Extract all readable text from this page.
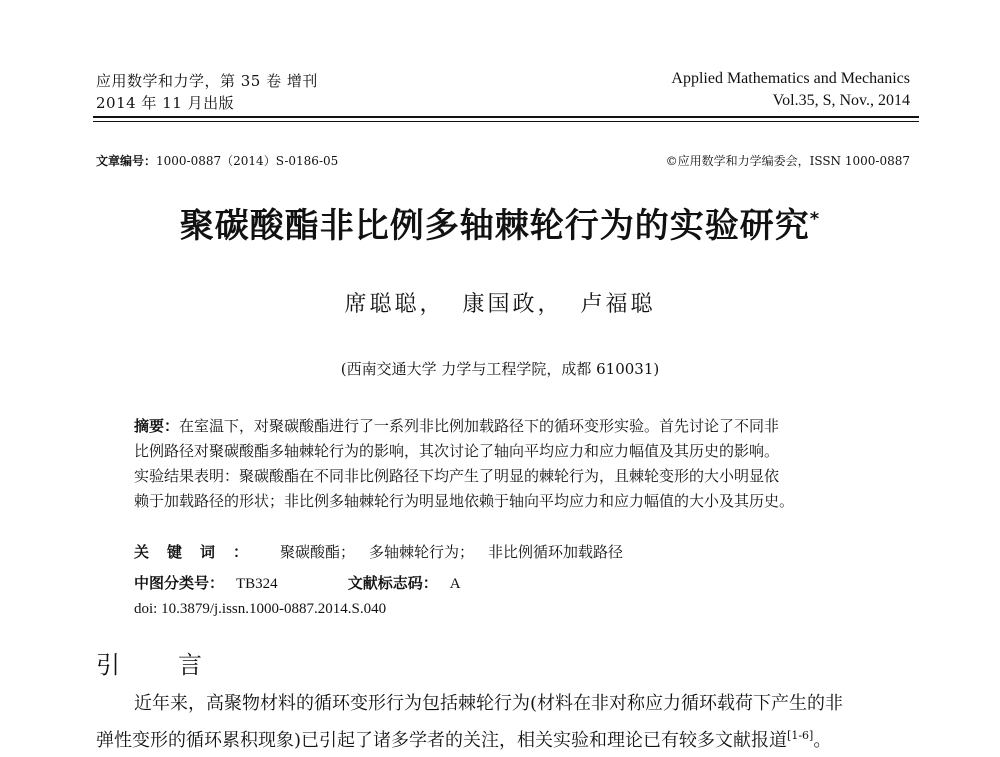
应用数学和力学，第 35 卷 增刊
2014 年 11 月出版
Applied Mathematics and Mechanics
Vol.35, S, Nov., 2014
文章编号：1000-0887（2014）S-0186-05	©应用数学和力学编委会，ISSN 1000-0887
聚碳酸酯非比例多轴棘轮行为的实验研究*
席聪聪， 康国政， 卢福聪
(西南交通大学 力学与工程学院，成都 610031)
摘要：在室温下，对聚碳酸酯进行了一系列非比例加载路径下的循环变形实验。首先讨论了不同非
比例路径对聚碳酸酯多轴棘轮行为的影响，其次讨论了轴向平均应力和应力幅值及其历史的影响。
实验结果表明：聚碳酸酯在不同非比例路径下均产生了明显的棘轮行为，且棘轮变形的大小明显依
赖于加载路径的形状；非比例多轴棘轮行为明显地依赖于轴向平均应力和应力幅值的大小及其历史。
关键词： 聚碳酸酯； 多轴棘轮行为； 非比例循环加载路径
中图分类号： TB324	文献标志码： A
doi: 10.3879/j.issn.1000-0887.2014.S.040
引 言
近年来，高聚物材料的循环变形行为包括棘轮行为(材料在非对称应力循环载荷下产生的非
弹性变形的循环累积现象)已引起了诸多学者的关注，相关实验和理论已有较多文献报道[1-6]。
